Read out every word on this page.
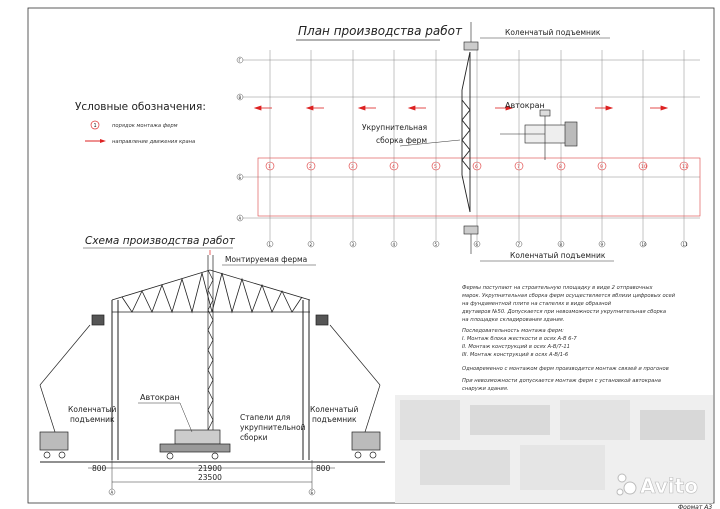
План производства работ
Г
В
Б
А
1	2	3	4	5	6	7	8	9	10	11
1	2	3	4	5	6	7	8	9	10	11
Коленчатый подъемник
Коленчатый подъемник
Автокран
Укрупнительная
сборка ферм
Условные обозначения:
1	порядок монтажа ферм
направление движения крана
Схема производства работ
Монтируемая ферма
Автокран
Коленчатый
подъемник
Коленчатый
подъемник
Стапели для
укрупнительной
сборки
800	21900	800
23500
А	Б
Фермы поступают на строительную площадку в виде 2 отправочных
марок. Укрупнительная сборка ферм осуществляется вблизи цифровых осей
на фундаментной плите на стапелях в виде образной
двутавров №50. Допускается при невозможности укрупнительная сборка
на площадке складирования здания.
Последовательность монтажа ферм:
I. Монтаж блока жесткости в осях А-В 6-7
II. Монтаж конструкций в осях А-В/7-11
III. Монтаж конструкций в осях А-В/1-6
Одновременно с монтажом ферм производится монтаж связей и прогонов
При невозможности допускается монтаж ферм с установкой автокрана
снаружи здания.
Формат А3
Avito
